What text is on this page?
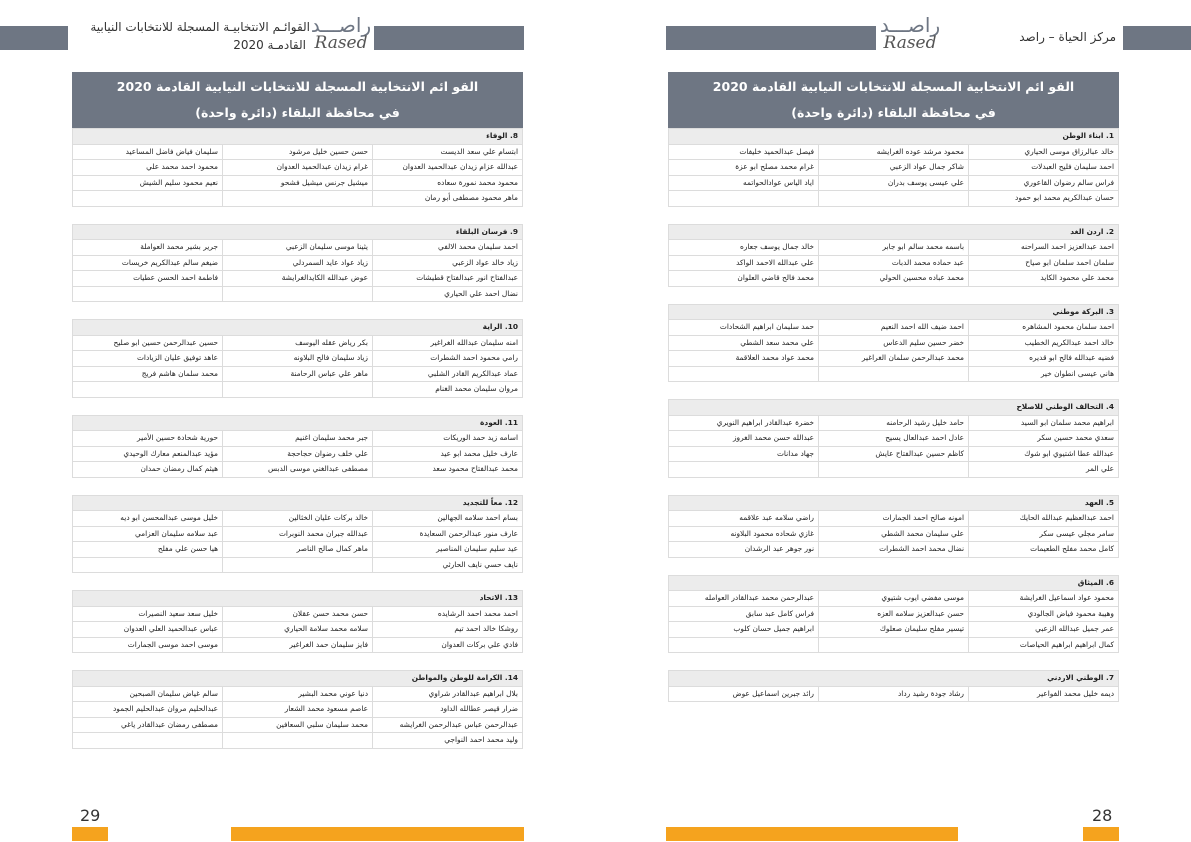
القوائـم الانتخابيـة المسجلة للانتخابات النيابية
القادمـة 2020
راصـــد
Rased
القو ائم الانتخابية المسجلة للانتخابات النيابية القادمة 2020
في محافظة البلقاء (دائرة واحدة)
8. الوفاء		
ابتسام علي سعد الديست	حسن حسين خليل مرشود	سليمان فياض فاضل المساعيد
عبدالله عزام زيدان عبدالحميد العدوان	غرام زيدان عبدالحميد العدوان	محمود احمد محمد علي
محمود محمد نمورة سعاده	ميشيل جرنس ميشيل فشحو	نعيم محمود سليم الشيش
ماهر محمود مصطفى أبو رمان		

9. فرسان البلقاء		
احمد سليمان محمد الالفي	يثينا موسى سليمان الزعبي	جرير بشير محمد العواملة
زياد خالد عواد الزعبي	زياد عواد عايد السمردلي	ضيغم سالم عبدالكريم خريسات
عبدالفتاح انور عبدالفتاح قطيشات	عوض عبدالله الكايدالغرايشة	فاطمة احمد الحسن عطيات
نضال احمد علي الحياري		

10. الراية		
امنه سليمان عبدالله الغراغير	بكر رياض عقله اليوسف	حسين عبدالرحمن حسين ابو صليح
رامي محمود احمد الشطرات	زياد سليمان فالح البلاونه	عاهد توفيق عليان الزيادات
عماد عبدالكريم القادر الشلبي	ماهر علي عباس الرحامنة	محمد سلمان هاشم فريج
مروان سليمان محمد الغنام		

11. العودة		
اسامه زيد حمد الوريكات	جبر محمد سليمان اغنيم	حورية شحادة حسين الأمير
عارف خليل محمد ابو عيد	علي خلف رضوان حجاحجة	مؤيد عبدالمنعم معارك الوحيدي
محمد عبدالفتاح محمود سعد	مصطفى عبدالغني موسى الدبس	هيثم كمال رمضان حمدان

12. معاً للتجديد		
بسام احمد سلامه الجهالين	خالد بركات عليان الخثالين	خليل موسى عبدالمحسن ابو ديه
عارف منور عبدالرحمن السعايدة	عبدالله جبران محمد النوبرات	عبد سلامه سليمان العزامي
عيد سليم سليمان المناصير	ماهر كمال صالح الناصر	هيا حسن علي مفلح
نايف حسي نايف الحارثي		

13. الاتحاد		
احمد محمد احمد الرشايده	حسن محمد حسن عقلان	خليل سعد سعيد النصيرات
روشكا خالد احمد تيم	سلامه محمد سلامة الحياري	عباس عبدالحميد العلي العدوان
فادي علي بركات العدوان	فايز سليمان حمد الغراغير	موسى احمد موسى الجمارات

14. الكرامة للوطن والمواطن		
بلال ابراهيم عبدالقادر شراوي	دنيا عوني محمد البشير	سالم غياض سليمان الصبحين
ضرار قيصر عطالله الداود	عاصم مسعود محمد الشعار	عبدالحليم مروان عبدالحليم الجمود
عبدالرحمن عباس عبدالرحمن الغرايشه	محمد سليمان سلبي السعافين	مصطفى رمضان عبدالقادر ياغي
وليد محمد احمد النواجي		
29
راصـــد
Rased	مركز الحياة – راصد
القو ائم الانتخابية المسجلة للانتخابات النيابية القادمة 2020
في محافظة البلقاء (دائرة واحدة)
1. ابناء الوطن		
خالد عبالرزاق موسى الحياري	محمود مرشد عوده الغرايشه	فيصل عبدالحميد خليفات
احمد سليمان فليح العبدلات	شاكر جمال عواد الزعبي	غرام محمد مصلح ابو عزة
فراس سالم رضوان القاعوري	علي عيسى يوسف بدران	اياد الياس عوادالحواتمه
حسان عبدالكريم محمد ابو حمود		

2. اردن الغد		
احمد عبدالعزيز احمد السراحنه	باسمه محمد سالم ابو جابر	خالد جمال يوسف جعاره
سلمان احمد سلمان ابو صياح	عبد حماده محمد الدبات	علي عبدالله الاحمد الواكد
محمد علي محمود الكايد	محمد عباده محسين الحولي	محمد فالح قاضي العلوان

3. البركة موطني		
احمد سلمان محمود المشاهره	احمد ضيف الله احمد النعيم	حمد سليمان ابراهيم الشحادات
خالد احمد عبدالكريم الخطيب	خضر حسين سليم الدعاس	علي محمد سعد الشطي
فضيه عبدالله فالح ابو قديره	محمد عبدالرحمن سلمان الغراغير	محمد عواد محمد العلاقمة
هاني عيسى انطوان خير		

4. التحالف الوطني للاصلاح		
ابراهيم محمد سلمان ابو السيد	حامد خليل رشيد الرحامنه	خضرة عبدالقادر ابراهيم النويري
سعدي محمد حسين سكر	عادل احمد عبدالعال يسيح	عبدالله حسن محمد الغروز
عبدالله عطا اشتيوي ابو شوك	كاظم حسين عبدالفتاح عايش	جهاد مدانات
علي المر		

5. العهد		
احمد عبدالعظيم عبدالله الحايك	امونه صالح احمد الجمارات	راضي سلامه عبد علاقمه
سامر مجلي عيسى سكر	علي سليمان محمد الشطي	غازي شحاده محمود البلاونه
كامل محمد مفلح الطعيمات	نضال محمد احمد الشطرات	نور جوهر عبد الرشدان

6. الميثاق		
محمود عواد اسماعيل الغرايشة	موسى مفضي ايوب شتيوي	عبدالرحمن محمد عبدالقادر العوامله
وهيبة محمود فياض الجالودي	حسن عبدالعزيز سلامه العزه	فراس كامل عبد سابق
عمر جميل عبدالله الزعبي	تيسير مفلح سليمان صعلوك	ابراهيم جميل حسان كلوب
كمال ابراهيم ابراهيم الحياصات		

7. الوطني الاردني		
ديمه خليل محمد الفواعير	رشاد جودة رشيد رداد	رائد جبرين اسماعيل عوض
28
